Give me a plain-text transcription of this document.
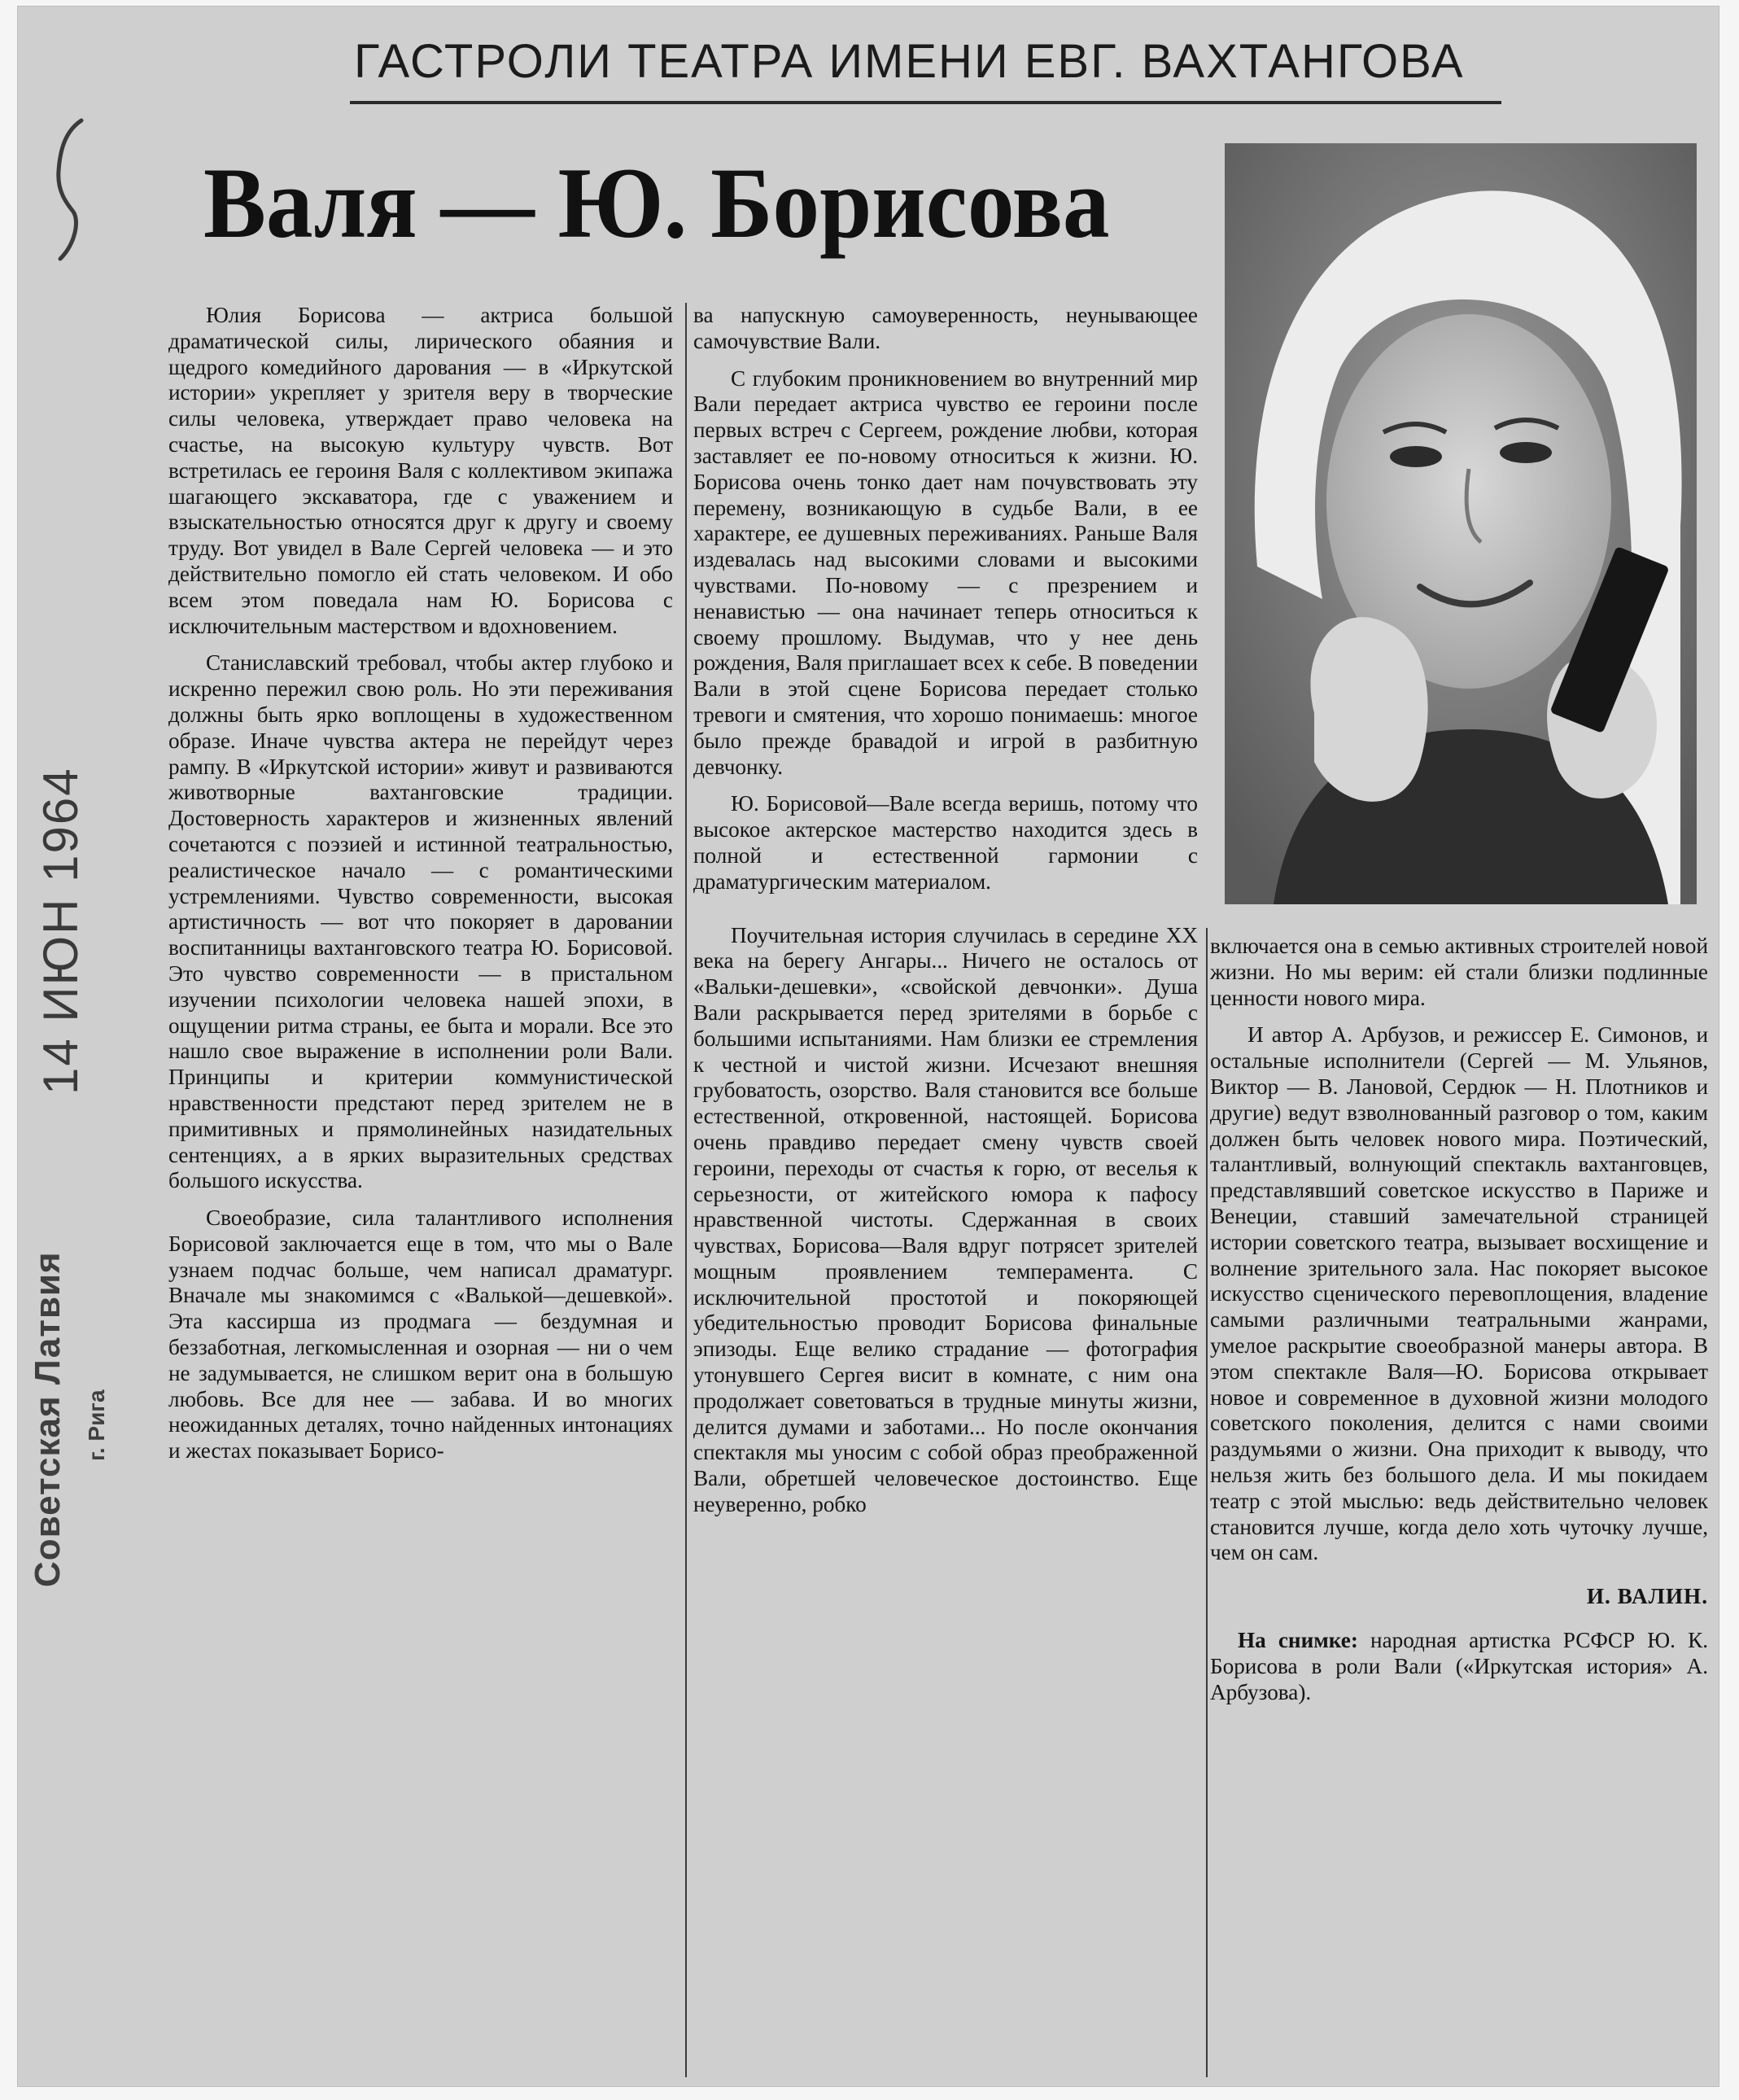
14 ИЮН 1964
Советская Латвия г. Рига
ГАСТРОЛИ ТЕАТРА ИМЕНИ ЕВГ. ВАХТАНГОВА
Валя — Ю. Борисова

Юлия Борисова — актриса большой драматической силы, лирического обаяния и щедрого комедийного дарования — в «Иркутской истории» укрепляет у зрителя веру в творческие силы человека, утверждает право человека на счастье, на высокую культуру чувств. Вот встретилась ее героиня Валя с коллективом экипажа шагающего экскаватора, где с уважением и взыскательностью относятся друг к другу и своему труду. Вот увидел в Вале Сергей человека — и это действительно помогло ей стать человеком. И обо всем этом поведала нам Ю. Борисова с исключительным мастерством и вдохновением.

Станиславский требовал, чтобы актер глубоко и искренно пережил свою роль. Но эти переживания должны быть ярко воплощены в художественном образе. Иначе чувства актера не перейдут через рампу. В «Иркутской истории» живут и развиваются животворные вахтанговские традиции. Достоверность характеров и жизненных явлений сочетаются с поэзией и истинной театральностью, реалистическое начало — с романтическими устремлениями. Чувство современности, высокая артистичность — вот что покоряет в даровании воспитанницы вахтанговского театра Ю. Борисовой. Это чувство современности — в пристальном изучении психологии человека нашей эпохи, в ощущении ритма страны, ее быта и морали. Все это нашло свое выражение в исполнении роли Вали. Принципы и критерии коммунистической нравственности предстают перед зрителем не в примитивных и прямолинейных назидательных сентенциях, а в ярких выразительных средствах большого искусства.

Своеобразие, сила талантливого исполнения Борисовой заключается еще в том, что мы о Вале узнаем подчас больше, чем написал драматург. Вначале мы знакомимся с «Валькой—дешевкой». Эта кассирша из продмага — бездумная и беззаботная, легкомысленная и озорная — ни о чем не задумывается, не слишком верит она в большую любовь. Все для нее — забава. И во многих неожиданных деталях, точно найденных интонациях и жестах показывает Борисо-

ва напускную самоуверенность, неунывающее самочувствие Вали.

С глубоким проникновением во внутренний мир Вали передает актриса чувство ее героини после первых встреч с Сергеем, рождение любви, которая заставляет ее по-новому относиться к жизни. Ю. Борисова очень тонко дает нам почувствовать эту перемену, возникающую в судьбе Вали, в ее характере, ее душевных переживаниях. Раньше Валя издевалась над высокими словами и высокими чувствами. По-новому — с презрением и ненавистью — она начинает теперь относиться к своему прошлому. Выдумав, что у нее день рождения, Валя приглашает всех к себе. В поведении Вали в этой сцене Борисова передает столько тревоги и смятения, что хорошо понимаешь: многое было прежде бравадой и игрой в разбитную девчонку.

Ю. Борисовой—Вале всегда веришь, потому что высокое актерское мастерство находится здесь в полной и естественной гармонии с драматургическим материалом.

Поучительная история случилась в середине XX века на берегу Ангары... Ничего не осталось от «Вальки-дешевки», «свойской девчонки». Душа Вали раскрывается перед зрителями в борьбе с большими испытаниями. Нам близки ее стремления к честной и чистой жизни. Исчезают внешняя грубоватость, озорство. Валя становится все больше естественной, откровенной, настоящей. Борисова очень правдиво передает смену чувств своей героини, переходы от счастья к горю, от веселья к серьезности, от житейского юмора к пафосу нравственной чистоты. Сдержанная в своих чувствах, Борисова—Валя вдруг потрясет зрителей мощным проявлением темперамента. С исключительной простотой и покоряющей убедительностью проводит Борисова финальные эпизоды. Еще велико страдание — фотография утонувшего Сергея висит в комнате, с ним она продолжает советоваться в трудные минуты жизни, делится думами и заботами... Но после окончания спектакля мы уносим с собой образ преображенной Вали, обретшей человеческое достоинство. Еще неуверенно, робко

включается она в семью активных строителей новой жизни. Но мы верим: ей стали близки подлинные ценности нового мира.

И автор А. Арбузов, и режиссер Е. Симонов, и остальные исполнители (Сергей — М. Ульянов, Виктор — В. Лановой, Сердюк — Н. Плотников и другие) ведут взволнованный разговор о том, каким должен быть человек нового мира. Поэтический, талантливый, волнующий спектакль вахтанговцев, представлявший советское искусство в Париже и Венеции, ставший замечательной страницей истории советского театра, вызывает восхищение и волнение зрительного зала. Нас покоряет высокое искусство сценического перевоплощения, владение самыми различными театральными жанрами, умелое раскрытие своеобразной манеры автора. В этом спектакле Валя—Ю. Борисова открывает новое и современное в духовной жизни молодого советского поколения, делится с нами своими раздумьями о жизни. Она приходит к выводу, что нельзя жить без большого дела. И мы покидаем театр с этой мыслью: ведь действительно человек становится лучше, когда дело хоть чуточку лучше, чем он сам.

И. ВАЛИН.

На снимке: народная артистка РСФСР Ю. К. Борисова в роли Вали («Иркутская история» А. Арбузова).
